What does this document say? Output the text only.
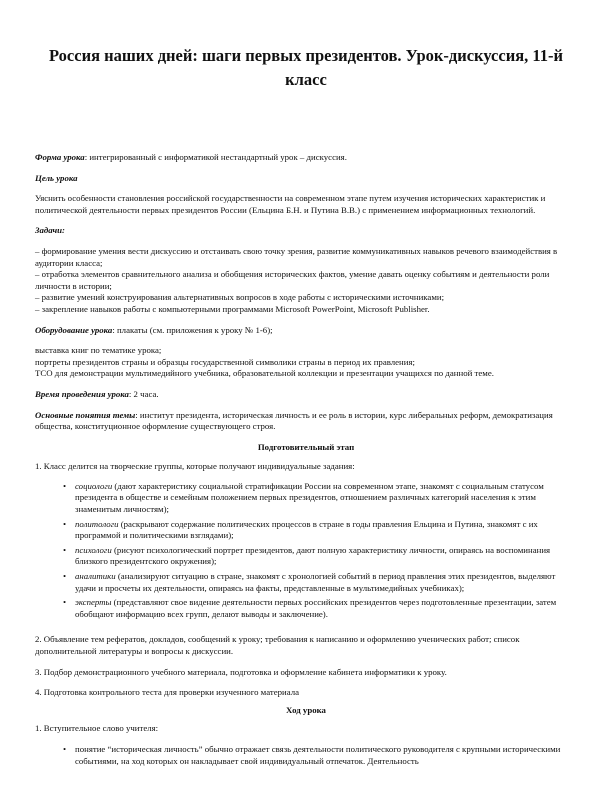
Россия наших дней: шаги первых президентов. Урок-дискуссия, 11-й класс

Форма урока: интегрированный с информатикой нестандартный урок – дискуссия.

Цель урока

Уяснить особенности становления российской государственности на современном этапе путем изучения исторических характеристик и политической деятельности первых президентов России (Ельцина Б.Н. и Путина В.В.) с применением информационных технологий.

Задачи:

– формирование умения вести дискуссию и отстаивать свою точку зрения, развитие коммуникативных навыков речевого взаимодействия в аудитории класса;

– отработка элементов сравнительного анализа и обобщения исторических фактов, умение давать оценку событиям и деятельности роли личности в истории;

– развитие умений конструирования альтернативных вопросов в ходе работы с историческими источниками;

– закрепление навыков работы с компьютерными программами Microsoft PowerPoint, Microsoft Publisher.

Оборудование урока: плакаты (см. приложения к уроку № 1-6);

выставка книг по тематике урока;

портреты президентов страны и образцы государственной символики страны в период их правления;

ТСО для демонстрации мультимедийного учебника, образовательной коллекции и презентации учащихся по данной теме.

Время проведения урока: 2 часа.

Основные понятия темы: институт президента, историческая личность и ее роль в истории, курс либеральных реформ, демократизация общества, конституционное оформление существующего строя.

Подготовительный этап

1. Класс делится на творческие группы, которые получают индивидуальные задания:

• социологи (дают характеристику социальной стратификации России на современном этапе, знакомят с социальным статусом президента в обществе и семейным положением первых президентов, отношением различных категорий населения к этим знаменитым личностям);
• политологи (раскрывают содержание политических процессов в стране в годы правления Ельцина и Путина, знакомят с их программой и политическими взглядами);
• психологи (рисуют психологический портрет президентов, дают полную характеристику личности, опираясь на воспоминания близкого президентского окружения);
• аналитики (анализируют ситуацию в стране, знакомят с хронологией событий в период правления этих президентов, выделяют удачи и просчеты их деятельности, опираясь на факты, представленные в мультимедийных учебниках);
• эксперты (представляют свое видение деятельности первых российских президентов через подготовленные презентации, затем обобщают информацию всех групп, делают выводы и заключение).

2. Объявление тем рефератов, докладов, сообщений к уроку; требования к написанию и оформлению ученических работ; список дополнительной литературы и вопросы к дискуссии.

3. Подбор демонстрационного учебного материала, подготовка и оформление кабинета информатики к уроку.

4. Подготовка контрольного теста для проверки изученного материала

Ход урока

1. Вступительное слово учителя:

• понятие “историческая личность” обычно отражает связь деятельности политического руководителя с крупными историческими событиями, на ход которых он накладывает свой индивидуальный отпечаток. Деятельность
